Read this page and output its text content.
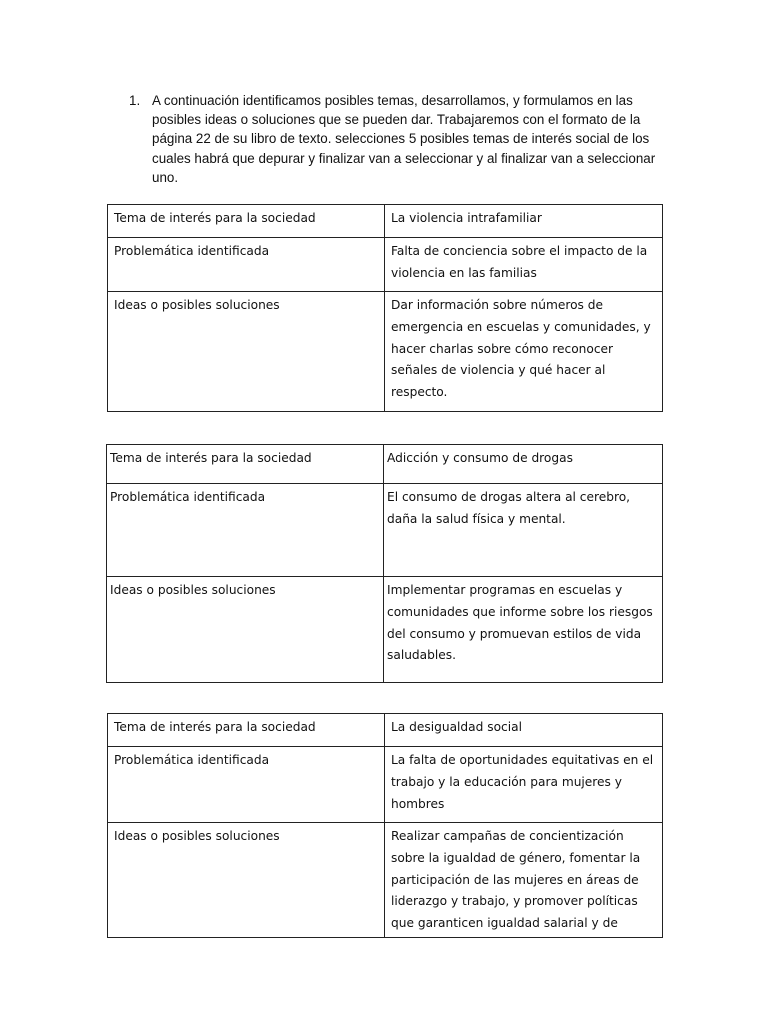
1. A continuación identificamos posibles temas, desarrollamos, y formulamos en las posibles ideas o soluciones que se pueden dar. Trabajaremos con el formato de la página 22 de su libro de texto. selecciones 5 posibles temas de interés social de los cuales habrá que depurar y finalizar van a seleccionar y al finalizar van a seleccionar uno.
Tema de interés para la sociedad	La violencia intrafamiliar
Problemática identificada	Falta de conciencia sobre el impacto de la violencia en las familias
Ideas o posibles soluciones	Dar información sobre números de emergencia en escuelas y comunidades, y hacer charlas sobre cómo reconocer señales de violencia y qué hacer al respecto.
Tema de interés para la sociedad	Adicción y consumo de drogas
Problemática identificada	El consumo de drogas altera al cerebro, daña la salud física y mental.
Ideas o posibles soluciones	Implementar programas en escuelas y comunidades que informe sobre los riesgos del consumo y promuevan estilos de vida saludables.
Tema de interés para la sociedad	La desigualdad social
Problemática identificada	La falta de oportunidades equitativas en el trabajo y la educación para mujeres y hombres
Ideas o posibles soluciones	Realizar campañas de concientización sobre la igualdad de género, fomentar la participación de las mujeres en áreas de liderazgo y trabajo, y promover políticas que garanticen igualdad salarial y de
